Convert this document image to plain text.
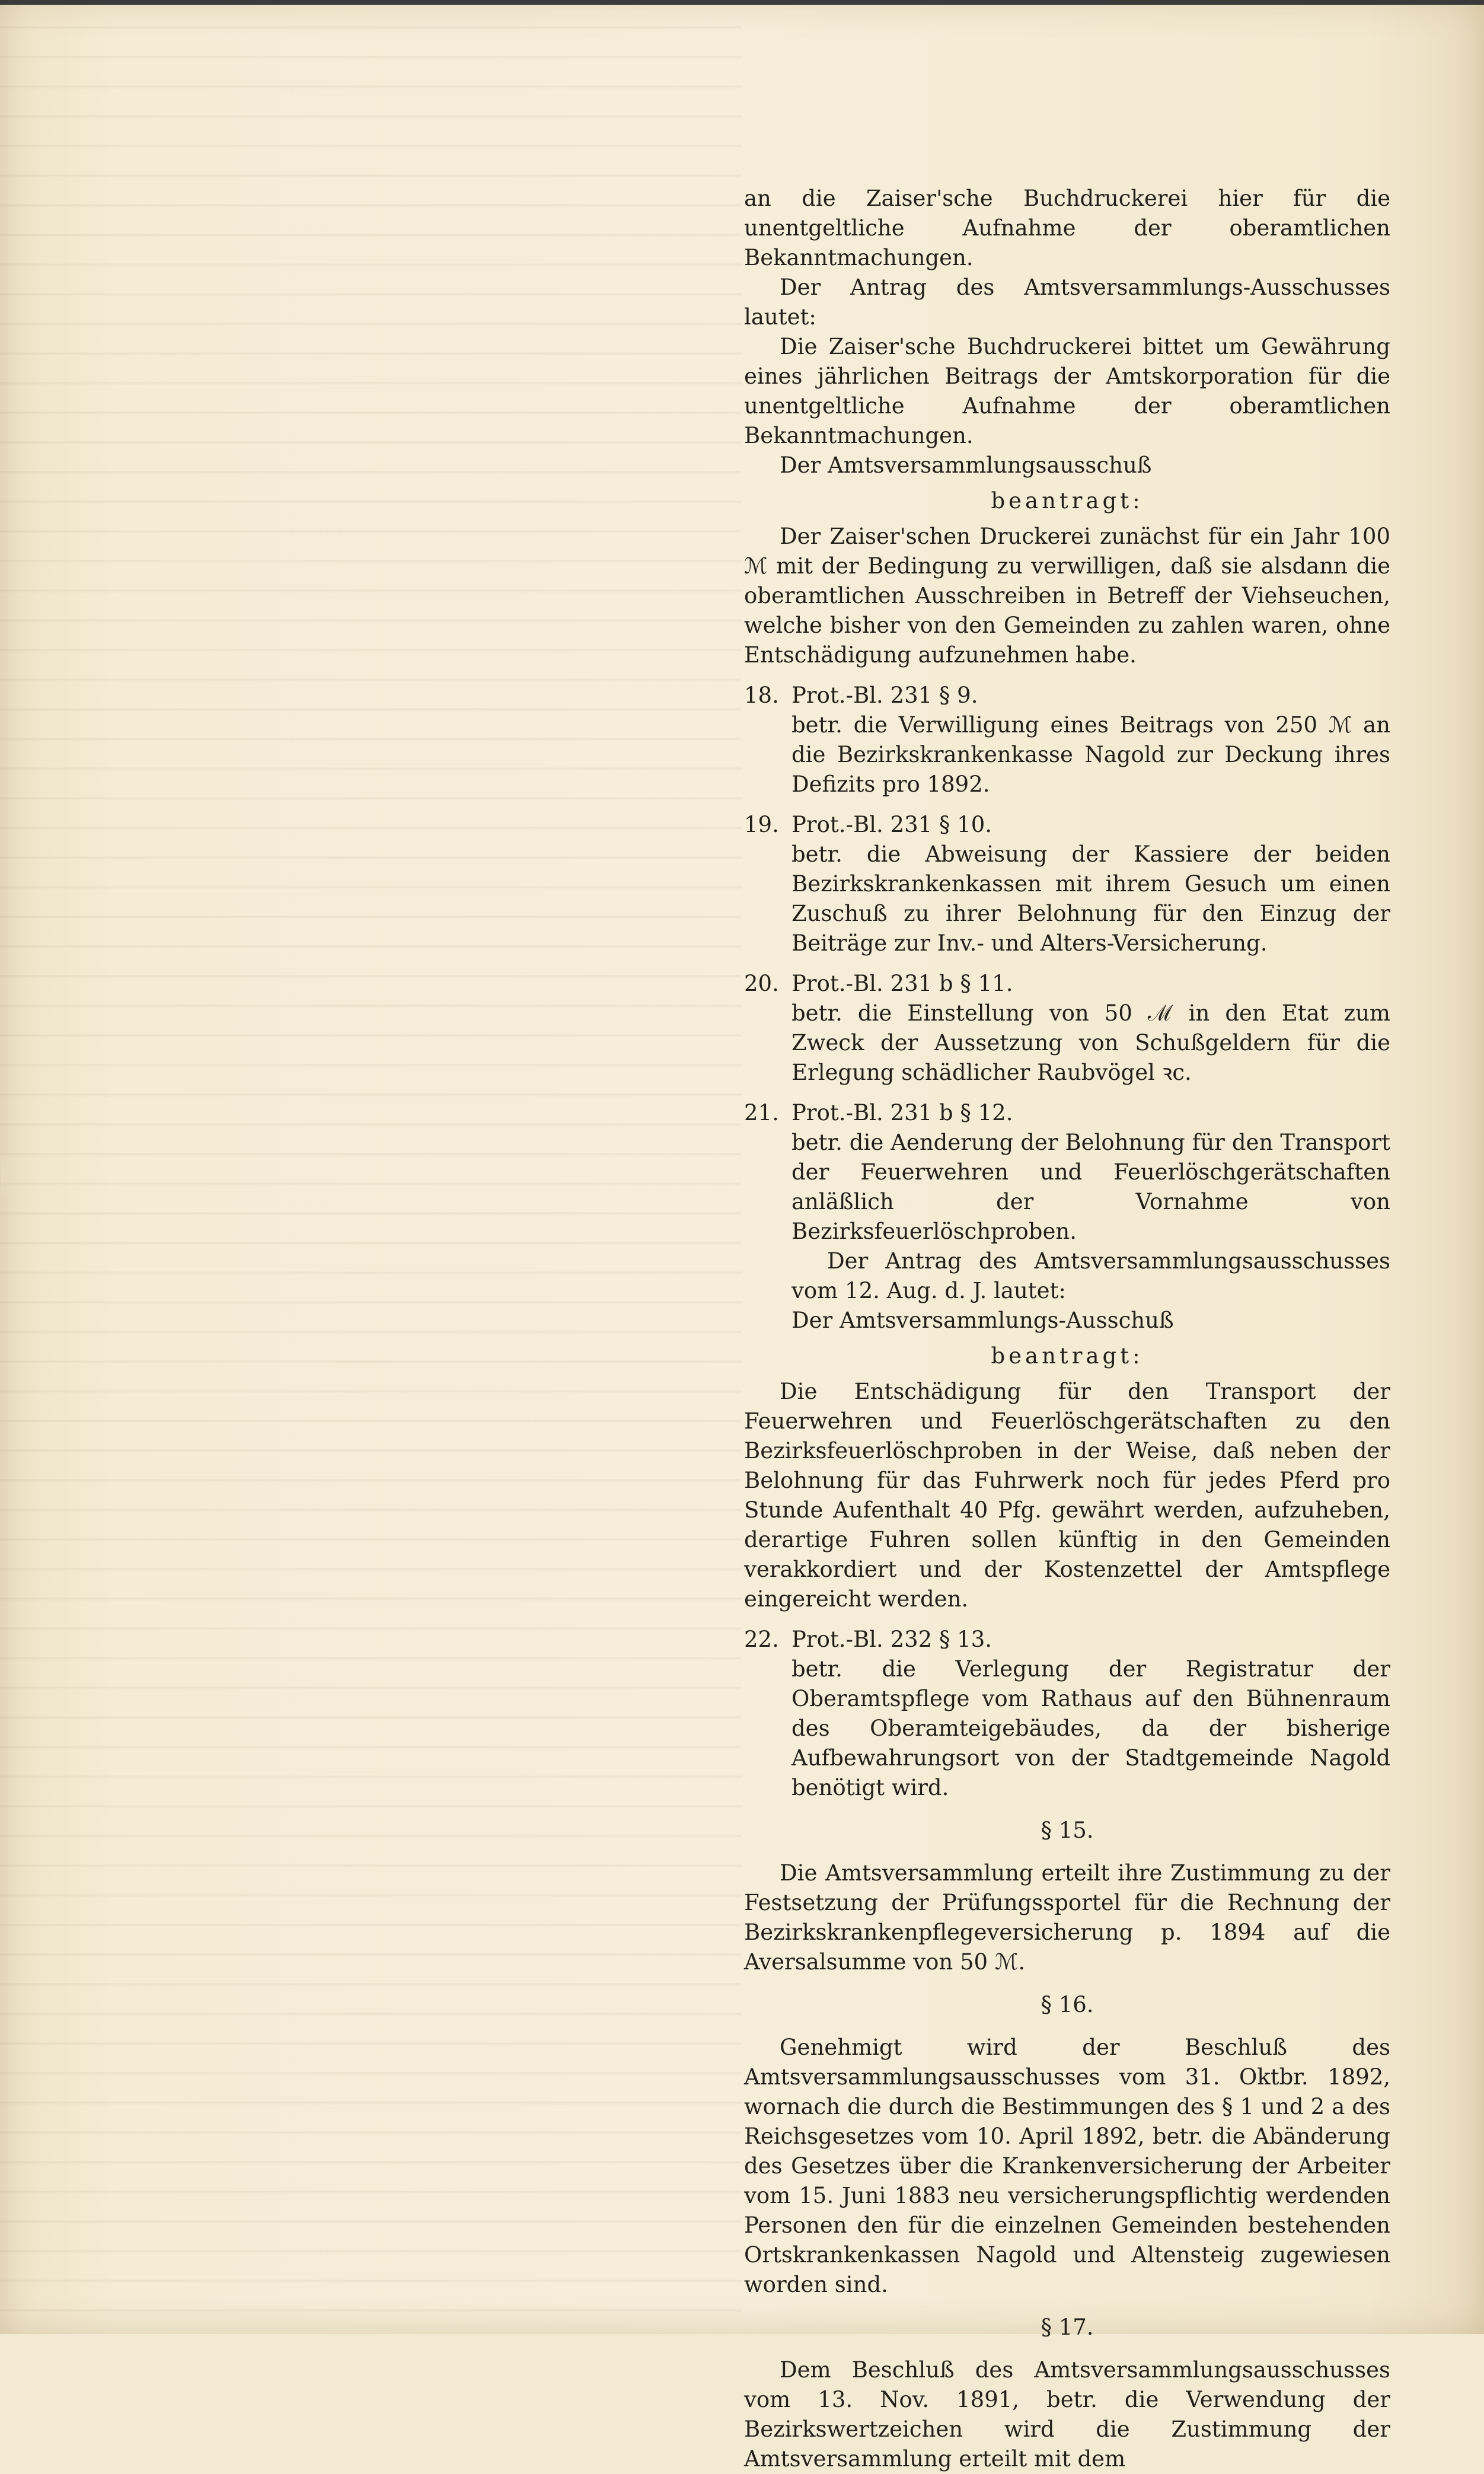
an die Zaiser'sche Buchdruckerei hier für die unentgeltliche Aufnahme der oberamtlichen Bekanntmachungen.

Der Antrag des Amtsversammlungs-Ausschusses lautet:

Die Zaiser'sche Buchdruckerei bittet um Gewährung eines jährlichen Beitrags der Amtskorporation für die unentgeltliche Aufnahme der oberamtlichen Bekanntmachungen.

Der Amtsversammlungsausschuß

beantragt:

Der Zaiser'schen Druckerei zunächst für ein Jahr 100 ℳ mit der Bedingung zu verwilligen, daß sie alsdann die oberamtlichen Ausschreiben in Betreff der Viehseuchen, welche bisher von den Gemeinden zu zahlen waren, ohne Entschädigung aufzunehmen habe.

18. Prot.-Bl. 231 § 9.

betr. die Verwilligung eines Beitrags von 250 ℳ an die Bezirkskrankenkasse Nagold zur Deckung ihres Defizits pro 1892.

19. Prot.-Bl. 231 § 10.

betr. die Abweisung der Kassiere der beiden Bezirkskrankenkassen mit ihrem Gesuch um einen Zuschuß zu ihrer Belohnung für den Einzug der Beiträge zur Inv.- und Alters-Versicherung.

20. Prot.-Bl. 231 b § 11.

betr. die Einstellung von 50 ℳ in den Etat zum Zweck der Aussetzung von Schußgeldern für die Erlegung schädlicher Raubvögel ꝛc.

21. Prot.-Bl. 231 b § 12.

betr. die Aenderung der Belohnung für den Transport der Feuerwehren und Feuerlöschgerätschaften anläßlich der Vornahme von Bezirksfeuerlöschproben.

Der Antrag des Amtsversammlungsausschusses vom 12. Aug. d. J. lautet:

Der Amtsversammlungs-Ausschuß

beantragt:

Die Entschädigung für den Transport der Feuerwehren und Feuerlöschgerätschaften zu den Bezirksfeuerlöschproben in der Weise, daß neben der Belohnung für das Fuhrwerk noch für jedes Pferd pro Stunde Aufenthalt 40 Pfg. gewährt werden, aufzuheben, derartige Fuhren sollen künftig in den Gemeinden verakkordiert und der Kostenzettel der Amtspflege eingereicht werden.

22. Prot.-Bl. 232 § 13.

betr. die Verlegung der Registratur der Oberamtspflege vom Rathaus auf den Bühnenraum des Oberamteigebäudes, da der bisherige Aufbewahrungsort von der Stadtgemeinde Nagold benötigt wird.

§ 15.

Die Amtsversammlung erteilt ihre Zustimmung zu der Festsetzung der Prüfungssportel für die Rechnung der Bezirkskrankenpflegeversicherung p. 1894 auf die Aversalsumme von 50 ℳ.

§ 16.

Genehmigt wird der Beschluß des Amtsversammlungsausschusses vom 31. Oktbr. 1892, wornach die durch die Bestimmungen des § 1 und 2 a des Reichsgesetzes vom 10. April 1892, betr. die Abänderung des Gesetzes über die Krankenversicherung der Arbeiter vom 15. Juni 1883 neu versicherungspflichtig werdenden Personen den für die einzelnen Gemeinden bestehenden Ortskrankenkassen Nagold und Altensteig zugewiesen worden sind.

§ 17.

Dem Beschluß des Amtsversammlungsausschusses vom 13. Nov. 1891, betr. die Verwendung der Bezirkswertzeichen wird die Zustimmung der Amtsversammlung erteilt mit dem
